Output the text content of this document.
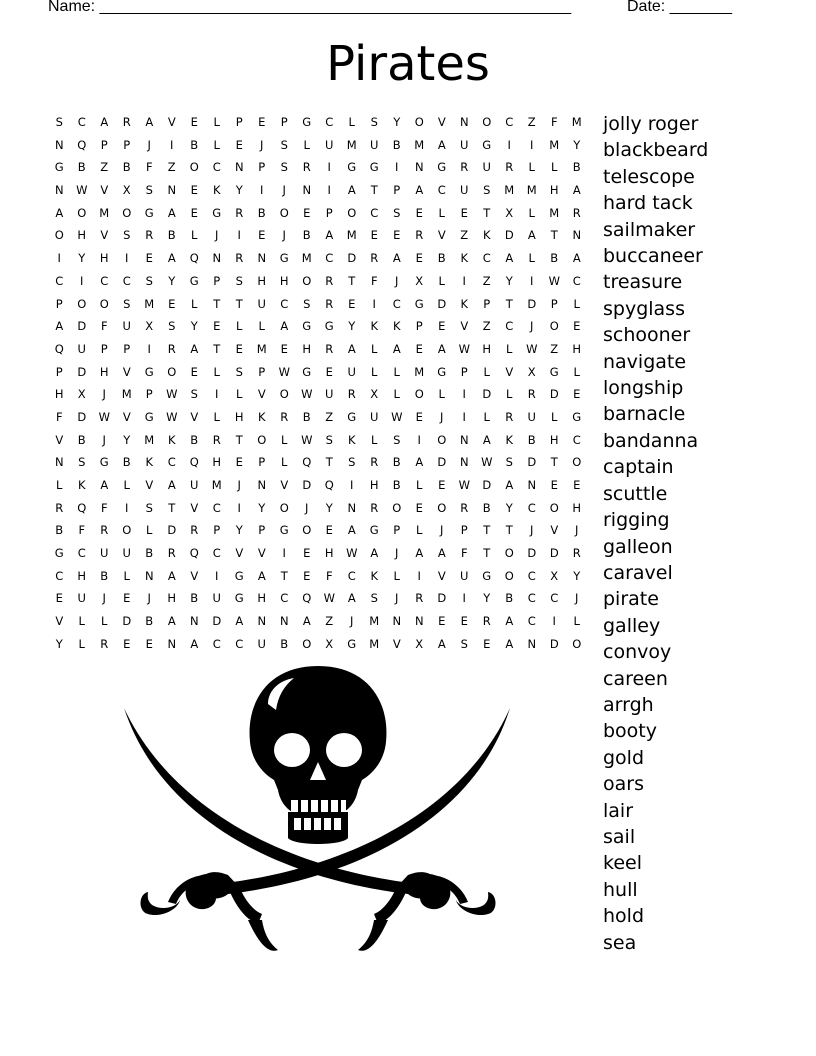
Name: _____________________________________________________	Date: _______
Pirates
S	C	A	R	A	V	E	L	P	E	P	G	C	L	S	Y	O	V	N	O	C	Z	F	M
N	Q	P	P	J	I	B	L	E	J	S	L	U	M	U	B	M	A	U	G	I	I	M	Y
G	B	Z	B	F	Z	O	C	N	P	S	R	I	G	G	I	N	G	R	U	R	L	L	B
N	W	V	X	S	N	E	K	Y	I	J	N	I	A	T	P	A	C	U	S	M	M	H	A
A	O	M	O	G	A	E	G	R	B	O	E	P	O	C	S	E	L	E	T	X	L	M	R
O	H	V	S	R	B	L	J	I	E	J	B	A	M	E	E	R	V	Z	K	D	A	T	N
I	Y	H	I	E	A	Q	N	R	N	G	M	C	D	R	A	E	B	K	C	A	L	B	A
C	I	C	C	S	Y	G	P	S	H	H	O	R	T	F	J	X	L	I	Z	Y	I	W	C
P	O	O	S	M	E	L	T	T	U	C	S	R	E	I	C	G	D	K	P	T	D	P	L
A	D	F	U	X	S	Y	E	L	L	A	G	G	Y	K	K	P	E	V	Z	C	J	O	E
Q	U	P	P	I	R	A	T	E	M	E	H	R	A	L	A	E	A	W	H	L	W	Z	H
P	D	H	V	G	O	E	L	S	P	W	G	E	U	L	L	M	G	P	L	V	X	G	L
H	X	J	M	P	W	S	I	L	V	O	W	U	R	X	L	O	L	I	D	L	R	D	E
F	D	W	V	G	W	V	L	H	K	R	B	Z	G	U	W	E	J	I	L	R	U	L	G
V	B	J	Y	M	K	B	R	T	O	L	W	S	K	L	S	I	O	N	A	K	B	H	C
N	S	G	B	K	C	Q	H	E	P	L	Q	T	S	R	B	A	D	N	W	S	D	T	O
L	K	A	L	V	A	U	M	J	N	V	D	Q	I	H	B	L	E	W	D	A	N	E	E
R	Q	F	I	S	T	V	C	I	Y	O	J	Y	N	R	O	E	O	R	B	Y	C	O	H
B	F	R	O	L	D	R	P	Y	P	G	O	E	A	G	P	L	J	P	T	T	J	V	J
G	C	U	U	B	R	Q	C	V	V	I	E	H	W	A	J	A	A	F	T	O	D	D	R
C	H	B	L	N	A	V	I	G	A	T	E	F	C	K	L	I	V	U	G	O	C	X	Y
E	U	J	E	J	H	B	U	G	H	C	Q	W	A	S	J	R	D	I	Y	B	C	C	J
V	L	L	D	B	A	N	D	A	N	N	A	Z	J	M	N	N	E	E	R	A	C	I	L
Y	L	R	E	E	N	A	C	C	U	B	O	X	G	M	V	X	A	S	E	A	N	D	O
jolly roger
blackbeard
telescope
hard tack
sailmaker
buccaneer
treasure
spyglass
schooner
navigate
longship
barnacle
bandanna
captain
scuttle
rigging
galleon
caravel
pirate
galley
convoy
careen
arrgh
booty
gold
oars
lair
sail
keel
hull
hold
sea
